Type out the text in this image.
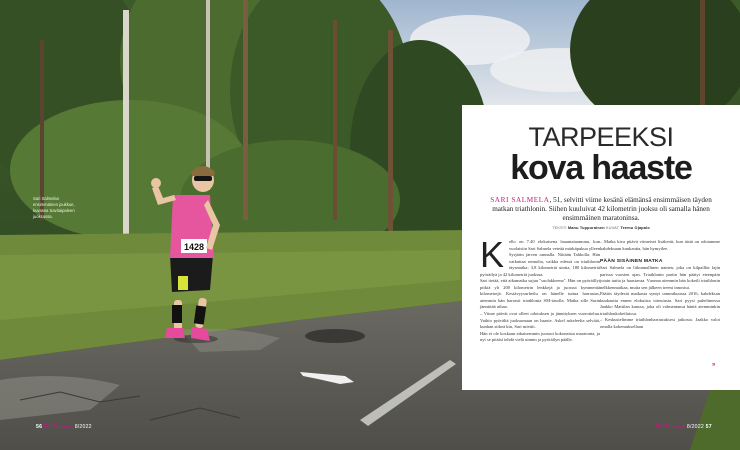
1428
Sari Salmelan ensimmäinen joukkue, kuvassa Savitaipaleen juoksussa.
56 Fit Terveys 8/2022	Fit Terveys 8/2022 57
TARPEEKSI
kova haaste
SARI SALMELA, 51, selvitti viime kesänä elämänsä ensimmäisen täyden matkan triathlonin. Siihen kuuluivat 42 kilometrin juoksu oli samalla hänen ensimmäinen maratoninsa.
TEKSTI Manu Tuppurainen KUVAT Teemu Ojapalo
K	ello on 7.40 elokuisena lauantaiaamuna, kun vuolaisiin Sari Salmela veteää märkäpukua ylleen Syrjärin järven rannalla. Niitään Tahkolla. Hän vaikuttaa rennolta, vaikka edessä on triathlonin täysmatka: 3,8 kilometriä uintia, 180 kilometriä pyöräilyä ja 42 kilometriä juoksua.

Sari tietää, että aikamatka sujuu "suolakkeena". Hän on pyöräillyt pitkiä yli 200 kilometrin lenkkejä ja juossut kymmeniä kilometrejä. Kestävyysurheilu on hänelle tuttua harrastus, aiemmin hän harrasti triathlonia SM-tasolla. Matka sille Sarin jännittää uihaa.

– Viime päivät ovat olleet odotuksen ja jännityksen vuorottelua. Vaihto pyörältä juoksumaan on haaste. Askel askeleelta selviää, kunhan sitkeä kin, Sari miettii.

Hän ei ole koskaan aikaisemmin juossut kokonaista maratonia, ja nyt se pitäisi tehdä vielä uinnin ja pyöräilyn päälle.

– Matka kiva pitävä viimeiset lisäkerät, kun tästä on odotamme kahdeksaan kuukautta, hän hymyilee.

PÄÄN SISÄINEN MATKA

Sari Salmela on liikunnallinen nainen, joka on kilpaillut lajin parissa vuosien ajan. Triathlonin pariin hän päätyi eteenpäin jotain uutta ja haastavaa. Vuonna aiemmin hän kokeili triathlonin nelkkenmatkaa, mutta sen jälkeen treeni innostui.

Päätös täydestä matkasta syntyi tammikuussa 2016, kahdeksan kuukautta ennen elokuista toteutusta. Sari pyysi puhelimessa Jaakko Mattilan kanssa, joka oli valmentanut häntä aiemminkin triathlonkokeiluissa.

– Keskustelimme triathlonharrastuksesi jatkosta. Jaakko valoi omalla kokemuksellaan

»
